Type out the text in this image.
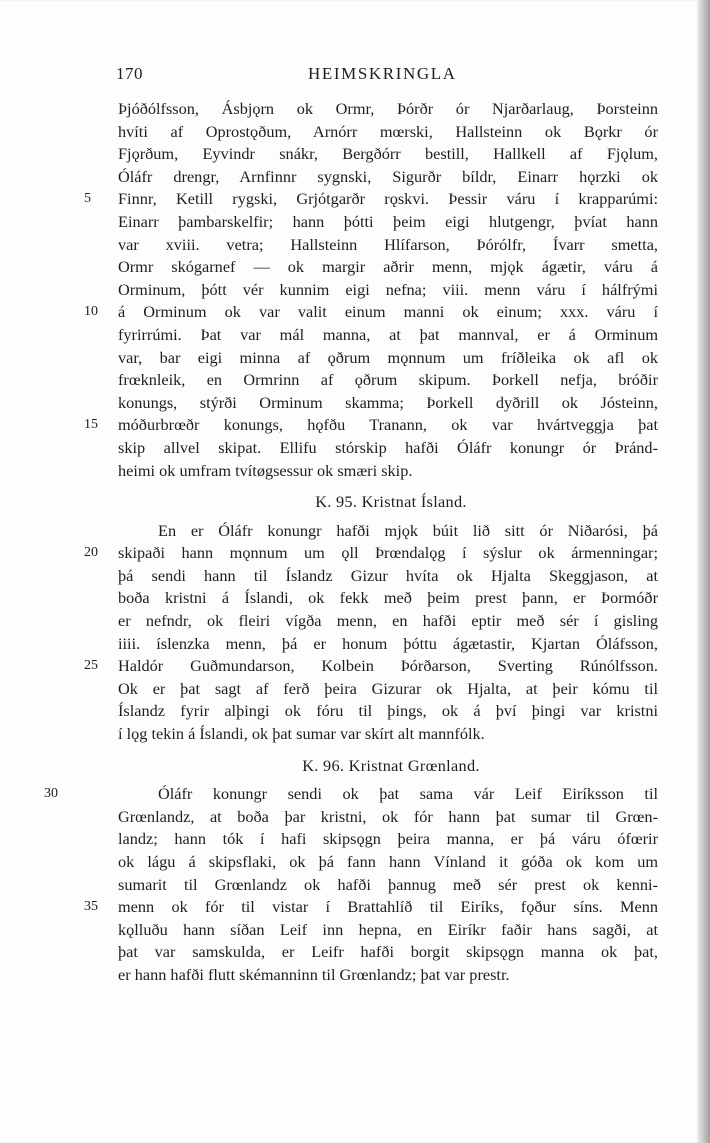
170	HEIMSKRINGLA
Þjóðólfsson, Ásbjǫrn ok Ormr, Þórðr ór Njarðarlaug, Þorsteinn
hvíti af Oprostǫðum, Arnórr mœrski, Hallsteinn ok Bǫrkr ór
Fjǫrðum, Eyvindr snákr, Bergðórr bestill, Hallkell af Fjǫlum,
Óláfr drengr, Arnfinnr sygnski, Sigurðr bíldr, Einarr hǫrzki ok
5	Finnr, Ketill rygski, Grjótgarðr rǫskvi. Þessir váru í krapparúmi:
Einarr þambarskelfir; hann þótti þeim eigi hlutgengr, þvíat hann
var xviii. vetra; Hallsteinn Hlífarson, Þórólfr, Ívarr smetta,
Ormr skógarnef — ok margir aðrir menn, mjǫk ágætir, váru á
Orminum, þótt vér kunnim eigi nefna; viii. menn váru í hálfrými
10	á Orminum ok var valit einum manni ok einum; xxx. váru í
fyrirrúmi. Þat var mál manna, at þat mannval, er á Orminum
var, bar eigi minna af ǫðrum mǫnnum um fríðleika ok afl ok
frœknleik, en Ormrinn af ǫðrum skipum. Þorkell nefja, bróðir
konungs, stýrði Orminum skamma; Þorkell dyðrill ok Jósteinn,
15	móðurbrœðr konungs, hǫfðu Tranann, ok var hvártveggja þat
skip allvel skipat. Ellifu stórskip hafði Óláfr konungr ór Þránd-
heimi ok umfram tvítøgsessur ok smæri skip.
K. 95. Kristnat Ísland.
En er Óláfr konungr hafði mjǫk búit lið sitt ór Niðarósi, þá
20	skipaði hann mǫnnum um ǫll Þrœndalǫg í sýslur ok ármenningar;
þá sendi hann til Íslandz Gizur hvíta ok Hjalta Skeggjason, at
boða kristni á Íslandi, ok fekk með þeim prest þann, er Þormóðr
er nefndr, ok fleiri vígða menn, en hafði eptir með sér í gisling
iiii. íslenzka menn, þá er honum þóttu ágætastir, Kjartan Óláfsson,
25	Haldór Guðmundarson, Kolbein Þórðarson, Sverting Rúnólfsson.
Ok er þat sagt af ferð þeira Gizurar ok Hjalta, at þeir kómu til
Íslandz fyrir alþingi ok fóru til þings, ok á því þingi var kristni
í lǫg tekin á Íslandi, ok þat sumar var skírt alt mannfólk.
K. 96. Kristnat Grœnland.
30	Óláfr konungr sendi ok þat sama vár Leif Eiríksson til
Grœnlandz, at boða þar kristni, ok fór hann þat sumar til Grœn-
landz; hann tók í hafi skipsǫgn þeira manna, er þá váru ófœrir
ok lágu á skipsflaki, ok þá fann hann Vínland it góða ok kom um
sumarit til Grœnlandz ok hafði þannug með sér prest ok kenni-
35	menn ok fór til vistar í Brattahlíð til Eiríks, fǫður síns. Menn
kǫlluðu hann síðan Leif inn hepna, en Eiríkr faðir hans sagði, at
þat var samskulda, er Leifr hafði borgit skipsǫgn manna ok þat,
er hann hafði flutt skémanninn til Grœnlandz; þat var prestr.
